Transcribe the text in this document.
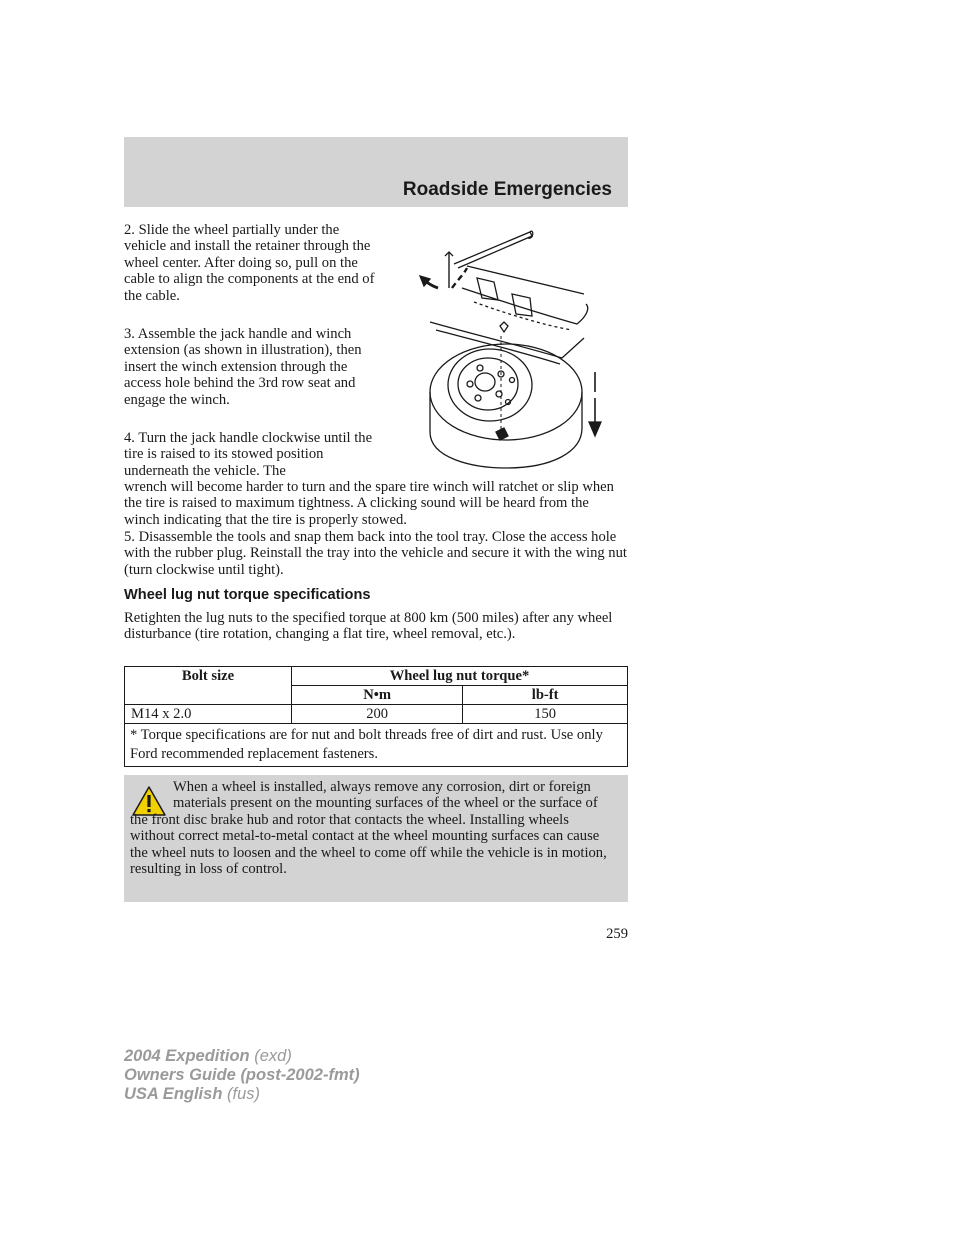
Roadside Emergencies

2. Slide the wheel partially under the vehicle and install the retainer through the wheel center. After doing so, pull on the cable to align the components at the end of the cable.

3. Assemble the jack handle and winch extension (as shown in illustration), then insert the winch extension through the access hole behind the 3rd row seat and engage the winch.

4. Turn the jack handle clockwise until the tire is raised to its stowed position underneath the vehicle. The

wrench will become harder to turn and the spare tire winch will ratchet or slip when the tire is raised to maximum tightness. A clicking sound will be heard from the winch indicating that the tire is properly stowed.

5. Disassemble the tools and snap them back into the tool tray. Close the access hole with the rubber plug. Reinstall the tray into the vehicle and secure it with the wing nut (turn clockwise until tight).

Wheel lug nut torque specifications

Retighten the lug nuts to the specified torque at 800 km (500 miles) after any wheel disturbance (tire rotation, changing a flat tire, wheel removal, etc.).

Bolt size	Wheel lug nut torque*	
	N•m	lb-ft
M14 x 2.0	200	150
* Torque specifications are for nut and bolt threads free of dirt and rust. Use only Ford recommended replacement fasteners.		

When a wheel is installed, always remove any corrosion, dirt or foreign materials present on the mounting surfaces of the wheel or the surface of the front disc brake hub and rotor that contacts the wheel. Installing wheels without correct metal-to-metal contact at the wheel mounting surfaces can cause the wheel nuts to loosen and the wheel to come off while the vehicle is in motion, resulting in loss of control.

259
2004 Expedition (exd)
Owners Guide (post-2002-fmt)
USA English (fus)
